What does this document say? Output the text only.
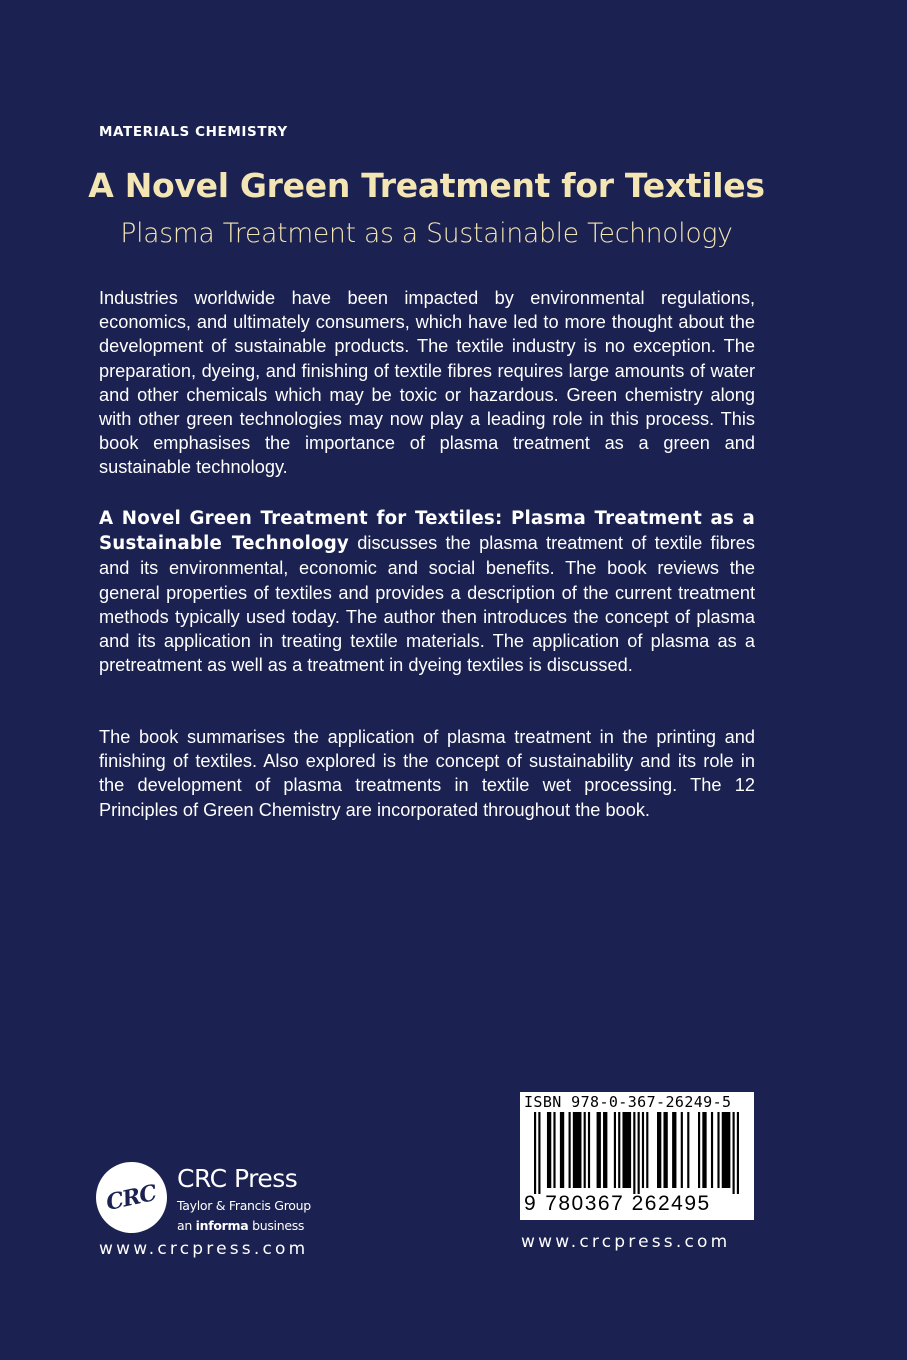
MATERIALS CHEMISTRY
A Novel Green Treatment for Textiles
Plasma Treatment as a Sustainable Technology

Industries worldwide have been impacted by environmental regulations, economics, and ultimately consumers, which have led to more thought about the development of sustainable products. The textile industry is no exception. The preparation, dyeing, and finishing of textile fibres requires large amounts of water and other chemicals which may be toxic or hazardous. Green chemistry along with other green technologies may now play a leading role in this process. This book emphasises the importance of plasma treatment as a green and sustainable technology.

A Novel Green Treatment for Textiles: Plasma Treatment as a Sustainable Technology discusses the plasma treatment of textile fibres and its environmental, economic and social benefits. The book reviews the general properties of textiles and provides a description of the current treatment methods typically used today. The author then introduces the concept of plasma and its application in treating textile materials. The application of plasma as a pretreatment as well as a treatment in dyeing textiles is discussed.

The book summarises the application of plasma treatment in the printing and finishing of textiles. Also explored is the concept of sustainability and its role in the development of plasma treatments in textile wet processing. The 12 Principles of Green Chemistry are incorporated throughout the book.

CRC
CRC Press
Taylor & Francis Group
an informa business
www.crcpress.com
ISBN 978-0-367-26249-5
9 780367 262495
www.crcpress.com
